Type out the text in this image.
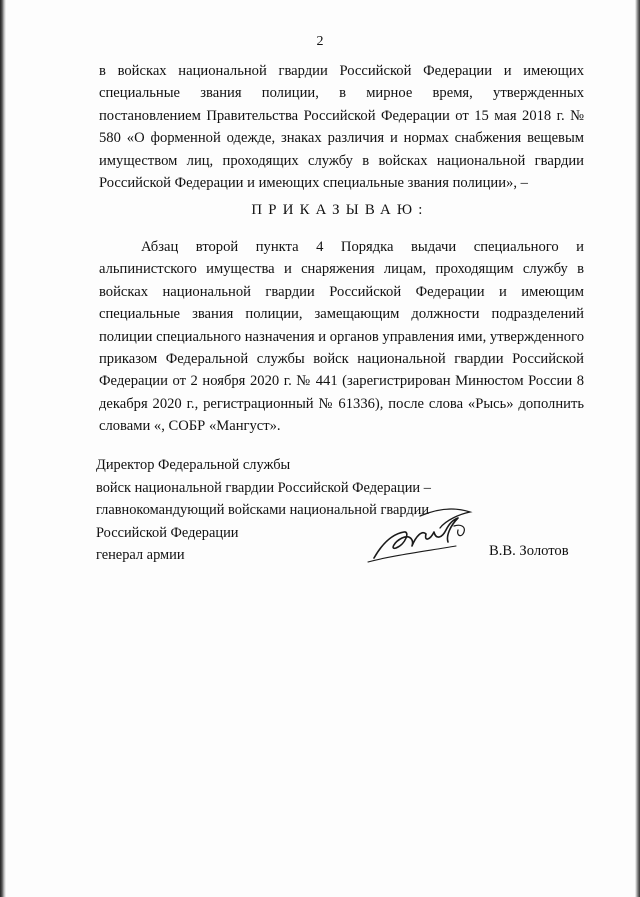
2
в войсках национальной гвардии Российской Федерации и имеющих специальные звания полиции, в мирное время, утвержденных постановлением Правительства Российской Федерации от 15 мая 2018 г. № 580 «О форменной одежде, знаках различия и нормах снабжения вещевым имуществом лиц, проходящих службу в войсках национальной гвардии Российской Федерации и имеющих специальные звания полиции», –
ПРИКАЗЫВАЮ:
Абзац второй пункта 4 Порядка выдачи специального и альпинистского имущества и снаряжения лицам, проходящим службу в войсках национальной гвардии Российской Федерации и имеющим специальные звания полиции, замещающим должности подразделений полиции специального назначения и органов управления ими, утвержденного приказом Федеральной службы войск национальной гвардии Российской Федерации от 2 ноября 2020 г. № 441 (зарегистрирован Минюстом России 8 декабря 2020 г., регистрационный № 61336), после слова «Рысь» дополнить словами «, СОБР «Мангуст».
Директор Федеральной службы
войск национальной гвардии Российской Федерации –
главнокомандующий войсками национальной гвардии
Российской Федерации
генерал армии	В.В. Золотов
